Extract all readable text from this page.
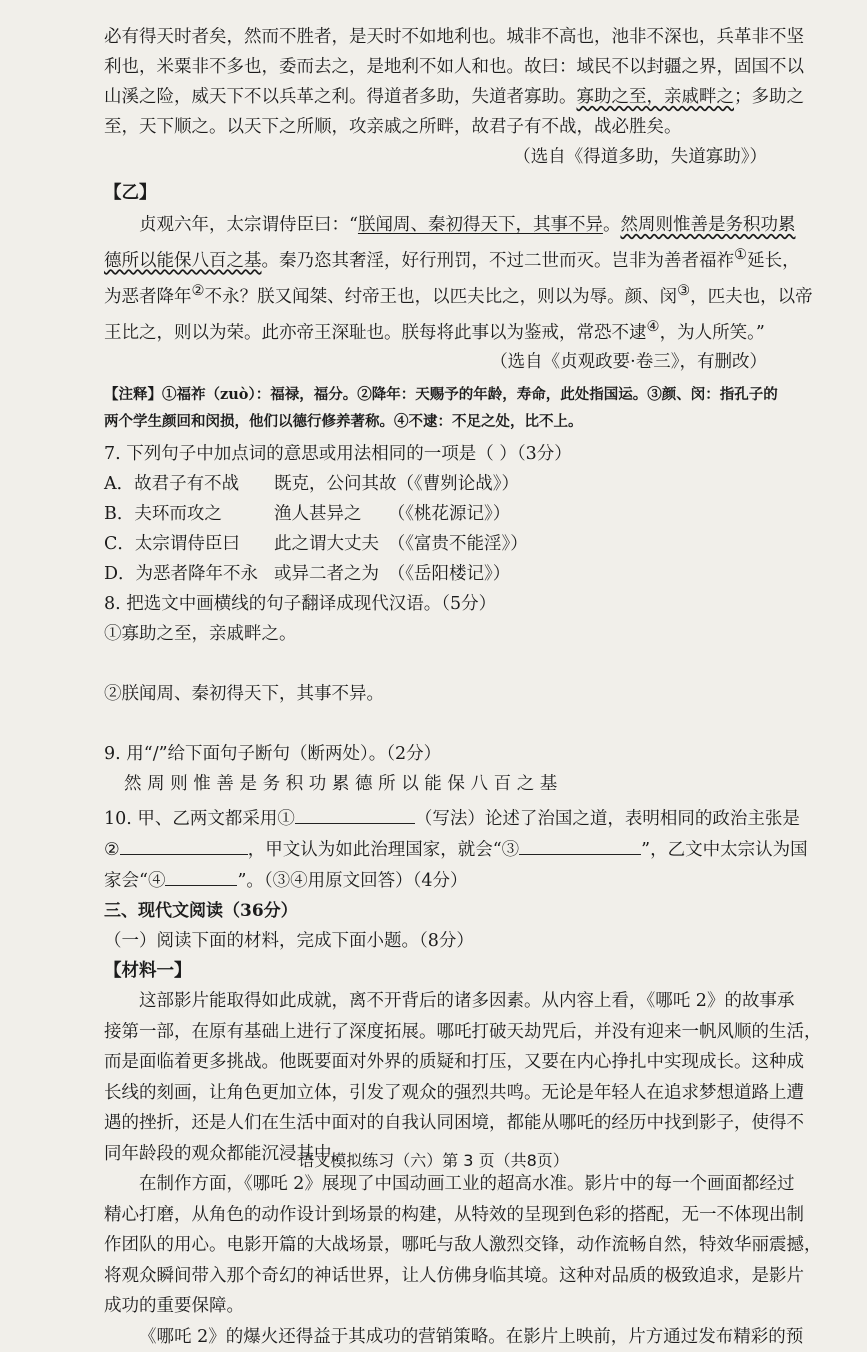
必有得天时者矣，然而不胜者，是天时不如地利也。城非不高也，池非不深也，兵革非不坚

利也，米粟非不多也，委而去之，是地利不如人和也。故曰：域民不以封疆之界，固国不以

山溪之险，威天下不以兵革之利。得道者多助，失道者寡助。寡助之至，亲戚畔之；多助之

至，天下顺之。以天下之所顺，攻亲戚之所畔，故君子有不战，战必胜矣。

（选自《得道多助，失道寡助》）

【乙】

贞观六年，太宗谓侍臣曰：“朕闻周、秦初得天下，其事不异。然周则惟善是务积功累

德所以能保八百之基。秦乃恣其奢淫，好行刑罚，不过二世而灭。岂非为善者福祚①延长，

为恶者降年②不永？朕又闻桀、纣帝王也，以匹夫比之，则以为辱。颜、闵③，匹夫也，以帝

王比之，则以为荣。此亦帝王深耻也。朕每将此事以为鉴戒，常恐不逮④，为人所笑。”

（选自《贞观政要·卷三》，有删改）

【注释】①福祚（zuò）：福禄，福分。②降年：天赐予的年龄，寿命，此处指国运。③颜、闵：指孔子的

两个学生颜回和闵损，他们以德行修养著称。④不逮：不足之处，比不上。

7. 下列句子中加点词的意思或用法相同的一项是（ ）（3分）

A．故君子有不战 既克，公问其故（《曹刿论战》）

B．夫环而攻之	渔人甚异之　　（《桃花源记》）

C．太宗谓侍臣曰 此之谓大丈夫　（《富贵不能淫》）

D．为恶者降年不永 或异二者之为　（《岳阳楼记》）

8. 把选文中画横线的句子翻译成现代汉语。（5分）

①寡助之至，亲戚畔之。

②朕闻周、秦初得天下，其事不异。

9. 用“/”给下面句子断句（断两处）。（2分）

然周则惟善是务积功累德所以能保八百之基

10. 甲、乙两文都采用①	（写法）论述了治国之道，表明相同的政治主张是

②	，甲文认为如此治理国家，就会“③	”，乙文中太宗认为国

家会“④	”。（③④用原文回答）（4分）

三、现代文阅读（36分）

（一）阅读下面的材料，完成下面小题。（8分）

【材料一】

这部影片能取得如此成就，离不开背后的诸多因素。从内容上看，《哪吒 2》的故事承

接第一部，在原有基础上进行了深度拓展。哪吒打破天劫咒后，并没有迎来一帆风顺的生活，

而是面临着更多挑战。他既要面对外界的质疑和打压，又要在内心挣扎中实现成长。这种成

长线的刻画，让角色更加立体，引发了观众的强烈共鸣。无论是年轻人在追求梦想道路上遭

遇的挫折，还是人们在生活中面对的自我认同困境，都能从哪吒的经历中找到影子，使得不

同年龄段的观众都能沉浸其中。

在制作方面，《哪吒 2》展现了中国动画工业的超高水准。影片中的每一个画面都经过

精心打磨，从角色的动作设计到场景的构建，从特效的呈现到色彩的搭配，无一不体现出制

作团队的用心。电影开篇的大战场景，哪吒与敌人激烈交锋，动作流畅自然，特效华丽震撼，

将观众瞬间带入那个奇幻的神话世界，让人仿佛身临其境。这种对品质的极致追求，是影片

成功的重要保障。

《哪吒 2》的爆火还得益于其成功的营销策略。在影片上映前，片方通过发布精彩的预

语文模拟练习（六）第 3 页（共8页）
